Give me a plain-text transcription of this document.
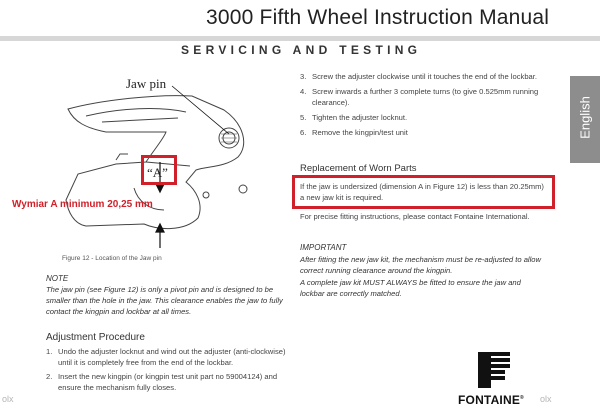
3000 Fifth Wheel Instruction Manual
SERVICING AND TESTING
English
Jaw pin
“A”
Wymiar A minimum 20,25 mm
Figure 12 - Location of the Jaw pin
NOTE
The jaw pin (see Figure 12) is only a pivot pin and is designed to be smaller than the hole in the jaw. This clearance enables the jaw to fully contact the kingpin and lockbar at all times.
Adjustment Procedure
1. Undo the adjuster locknut and wind out the adjuster (anti-clockwise) until it is completely free from the end of the lockbar.
2. Insert the new kingpin (or kingpin test unit part no 59004124) and ensure the mechanism fully closes.
3. Screw the adjuster clockwise until it touches the end of the lockbar.
4. Screw inwards a further 3 complete turns (to give 0.525mm running clearance).
5. Tighten the adjuster locknut.
6. Remove the kingpin/test unit
Replacement of Worn Parts
If the jaw is undersized (dimension A in Figure 12) is less than 20.25mm) a new jaw kit is required.
For precise fitting instructions, please contact Fontaine International.
IMPORTANT
After fitting the new jaw kit, the mechanism must be re-adjusted to allow correct running clearance around the kingpin.
A complete jaw kit MUST ALWAYS be fitted to ensure the jaw and lockbar are correctly matched.
FONTAINE®
olx	olx
